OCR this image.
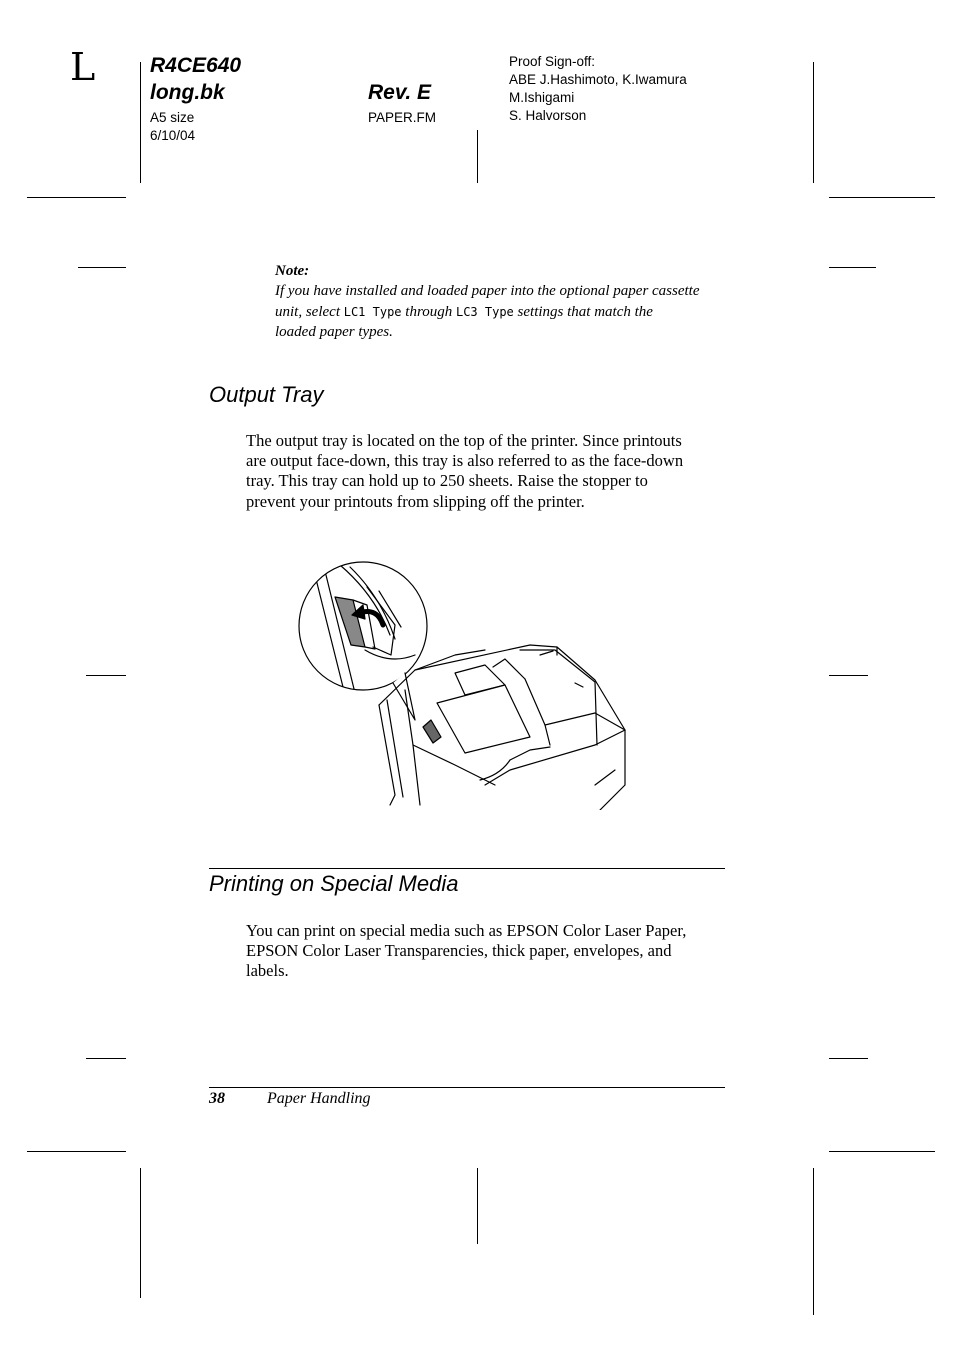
L	R4CE640
long.bk
A5 size
6/10/04
Rev. E
PAPER.FM
Proof Sign-off:
ABE J.Hashimoto, K.Iwamura
M.Ishigami
S. Halvorson
Note:
If you have installed and loaded paper into the optional paper cassette
unit, select LC1 Type through LC3 Type settings that match the
loaded paper types.
Output Tray
The output tray is located on the top of the printer. Since printouts
are output face-down, this tray is also referred to as the face-down
tray. This tray can hold up to 250 sheets. Raise the stopper to
prevent your printouts from slipping off the printer.
Printing on Special Media
You can print on special media such as EPSON Color Laser Paper,
EPSON Color Laser Transparencies, thick paper, envelopes, and
labels.
38	Paper Handling
